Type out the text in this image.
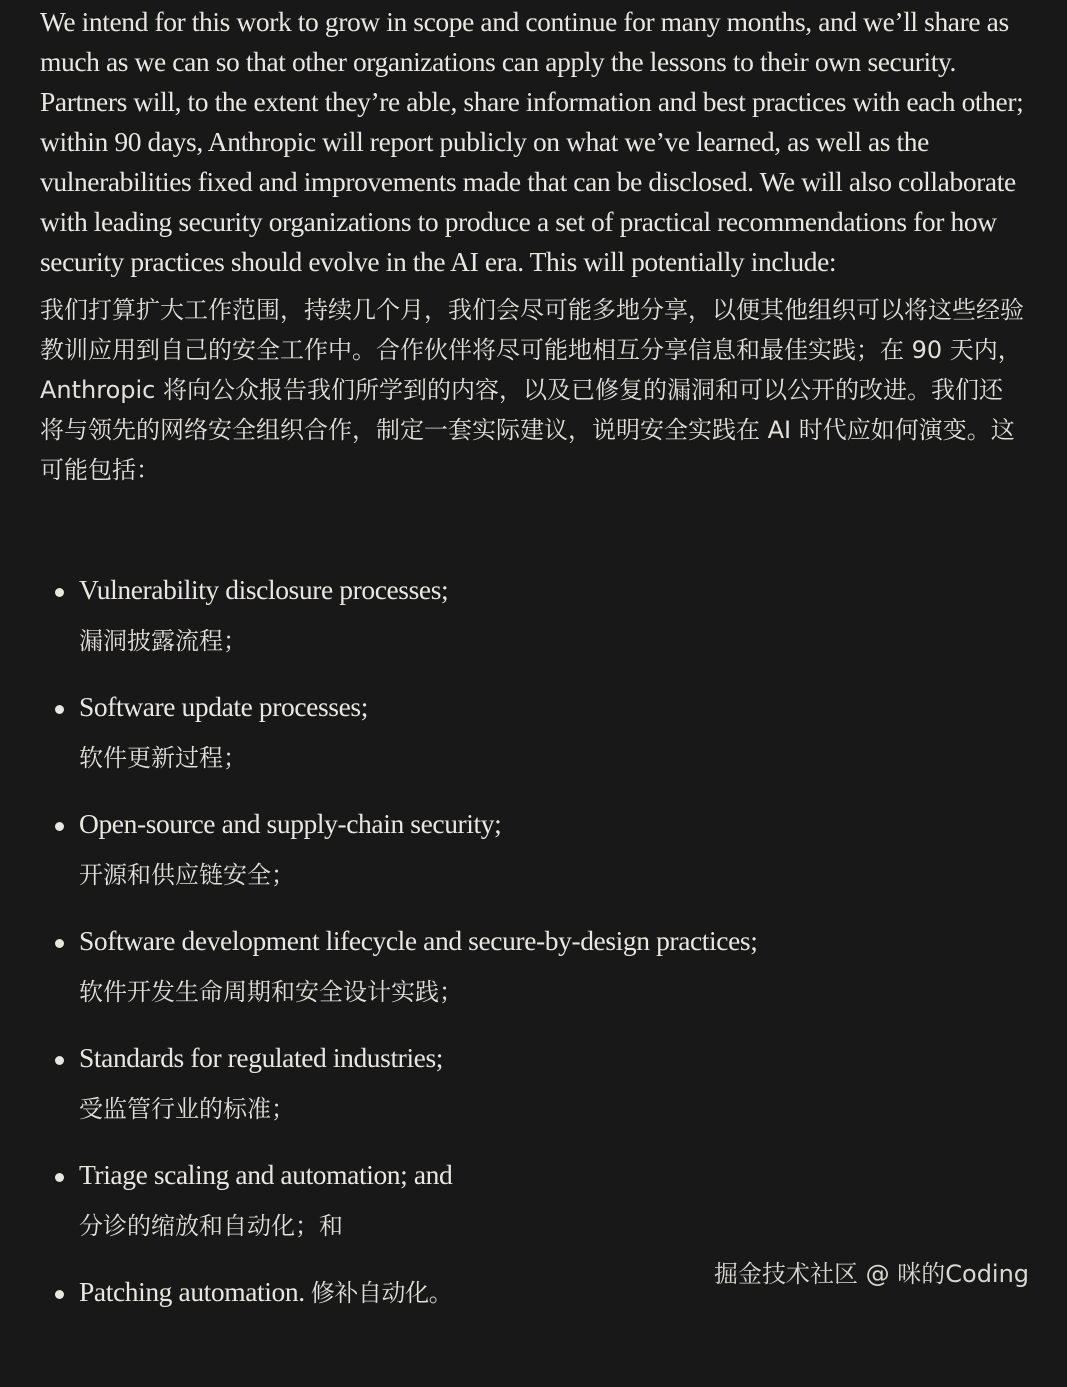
We intend for this work to grow in scope and continue for many months, and we’ll share as much as we can so that other organizations can apply the lessons to their own security. Partners will, to the extent they’re able, share information and best practices with each other; within 90 days, Anthropic will report publicly on what we’ve learned, as well as the vulnerabilities fixed and improvements made that can be disclosed. We will also collaborate with leading security organizations to produce a set of practical recommendations for how security practices should evolve in the AI era. This will potentially include:

我们打算扩大工作范围，持续几个月，我们会尽可能多地分享，以便其他组织可以将这些经验教训应用到自己的安全工作中。合作伙伴将尽可能地相互分享信息和最佳实践；在 90 天内，Anthropic 将向公众报告我们所学到的内容，以及已修复的漏洞和可以公开的改进。我们还将与领先的网络安全组织合作，制定一套实际建议，说明安全实践在 AI 时代应如何演变。这可能包括：

Vulnerability disclosure processes;
漏洞披露流程；
Software update processes;
软件更新过程；
Open-source and supply-chain security;
开源和供应链安全；
Software development lifecycle and secure-by-design practices;
软件开发生命周期和安全设计实践；
Standards for regulated industries;
受监管行业的标准；
Triage scaling and automation; and
分诊的缩放和自动化；和
Patching automation. 修补自动化。
掘金技术社区 @ 咪的Coding
